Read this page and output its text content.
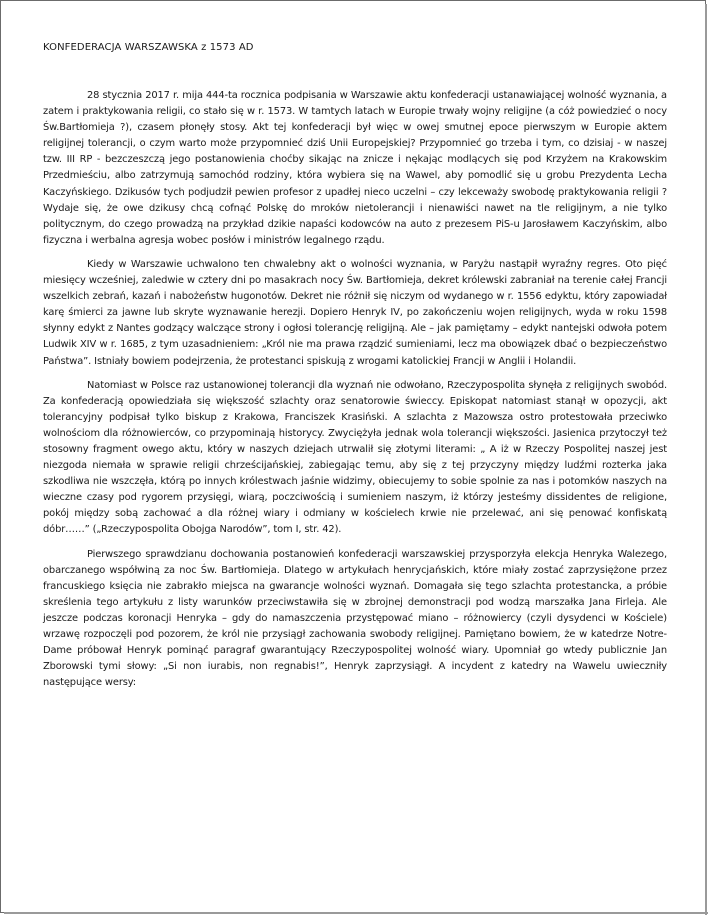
KONFEDERACJA WARSZAWSKA z 1573 AD

28 stycznia 2017 r. mija 444-ta rocznica podpisania w Warszawie aktu konfederacji ustanawiającej wolność wyznania, a zatem i praktykowania religii, co stało się w r. 1573. W tamtych latach w Europie trwały wojny religijne (a cóż powiedzieć o nocy Św.Bartłomieja ?), czasem płonęły stosy. Akt tej konfederacji był więc w owej smutnej epoce pierwszym w Europie aktem religijnej tolerancji, o czym warto może przypomnieć dziś Unii Europejskiej? Przypomnieć go trzeba i tym, co dzisiaj - w naszej tzw. III RP - bezczeszczą jego postanowienia choćby sikając na znicze i nękając modlących się pod Krzyżem na Krakowskim Przedmieściu, albo zatrzymują samochód rodziny, która wybiera się na Wawel, aby pomodlić się u grobu Prezydenta Lecha Kaczyńskiego. Dzikusów tych podjudził pewien profesor z upadłej nieco uczelni – czy lekceważy swobodę praktykowania religii ? Wydaje się, że owe dzikusy chcą cofnąć Polskę do mroków nietolerancji i nienawiści nawet na tle religijnym, a nie tylko politycznym, do czego prowadzą na przykład dzikie napaści kodowców na auto z prezesem PiS-u Jarosławem Kaczyńskim, albo fizyczna i werbalna agresja wobec posłów i ministrów legalnego rządu.

Kiedy w Warszawie uchwalono ten chwalebny akt o wolności wyznania, w Paryżu nastąpił wyraźny regres. Oto pięć miesięcy wcześniej, zaledwie w cztery dni po masakrach nocy Św. Bartłomieja, dekret królewski zabraniał na terenie całej Francji wszelkich zebrań, kazań i nabożeństw hugonotów. Dekret nie różnił się niczym od wydanego w r. 1556 edyktu, który zapowiadał karę śmierci za jawne lub skryte wyznawanie herezji. Dopiero Henryk IV, po zakończeniu wojen religijnych, wyda w roku 1598 słynny edykt z Nantes godzący walczące strony i ogłosi tolerancję religijną. Ale – jak pamiętamy – edykt nantejski odwoła potem Ludwik XIV w r. 1685, z tym uzasadnieniem: „Król nie ma prawa rządzić sumieniami, lecz ma obowiązek dbać o bezpieczeństwo Państwa”. Istniały bowiem podejrzenia, że protestanci spiskują z wrogami katolickiej Francji w Anglii i Holandii.

Natomiast w Polsce raz ustanowionej tolerancji dla wyznań nie odwołano, Rzeczypospolita słynęła z religijnych swobód. Za konfederacją opowiedziała się większość szlachty oraz senatorowie świeccy. Episkopat natomiast stanął w opozycji, akt tolerancyjny podpisał tylko biskup z Krakowa, Franciszek Krasiński. A szlachta z Mazowsza ostro protestowała przeciwko wolnościom dla różnowierców, co przypominają historycy. Zwyciężyła jednak wola tolerancji większości. Jasienica przytoczył też stosowny fragment owego aktu, który w naszych dziejach utrwalił się złotymi literami: „ A iż w Rzeczy Pospolitej naszej jest niezgoda niemała w sprawie religii chrześcijańskiej, zabiegając temu, aby się z tej przyczyny między ludźmi rozterka jaka szkodliwa nie wszczęła, którą po innych królestwach jaśnie widzimy, obiecujemy to sobie spolnie za nas i potomków naszych na wieczne czasy pod rygorem przysięgi, wiarą, poczciwością i sumieniem naszym, iż którzy jesteśmy dissidentes de religione, pokój między sobą zachować a dla różnej wiary i odmiany w kościelech krwie nie przelewać, ani się penować konfiskatą dóbr……” („Rzeczypospolita Obojga Narodów”, tom I, str. 42).

Pierwszego sprawdzianu dochowania postanowień konfederacji warszawskiej przysporzyła elekcja Henryka Walezego, obarczanego współwiną za noc Św. Bartłomieja. Dlatego w artykułach henrycjańskich, które miały zostać zaprzysiężone przez francuskiego księcia nie zabrakło miejsca na gwarancje wolności wyznań. Domagała się tego szlachta protestancka, a próbie skreślenia tego artykułu z listy warunków przeciwstawiła się w zbrojnej demonstracji pod wodzą marszałka Jana Firleja. Ale jeszcze podczas koronacji Henryka – gdy do namaszczenia przystępować miano – różnowiercy (czyli dysydenci w Kościele) wrzawę rozpoczęli pod pozorem, że król nie przysiągł zachowania swobody religijnej. Pamiętano bowiem, że w katedrze Notre-Dame próbował Henryk pominąć paragraf gwarantujący Rzeczypospolitej wolność wiary. Upomniał go wtedy publicznie Jan Zborowski tymi słowy: „Si non iurabis, non regnabis!”, Henryk zaprzysiągł. A incydent z katedry na Wawelu uwieczniły następujące wersy:
